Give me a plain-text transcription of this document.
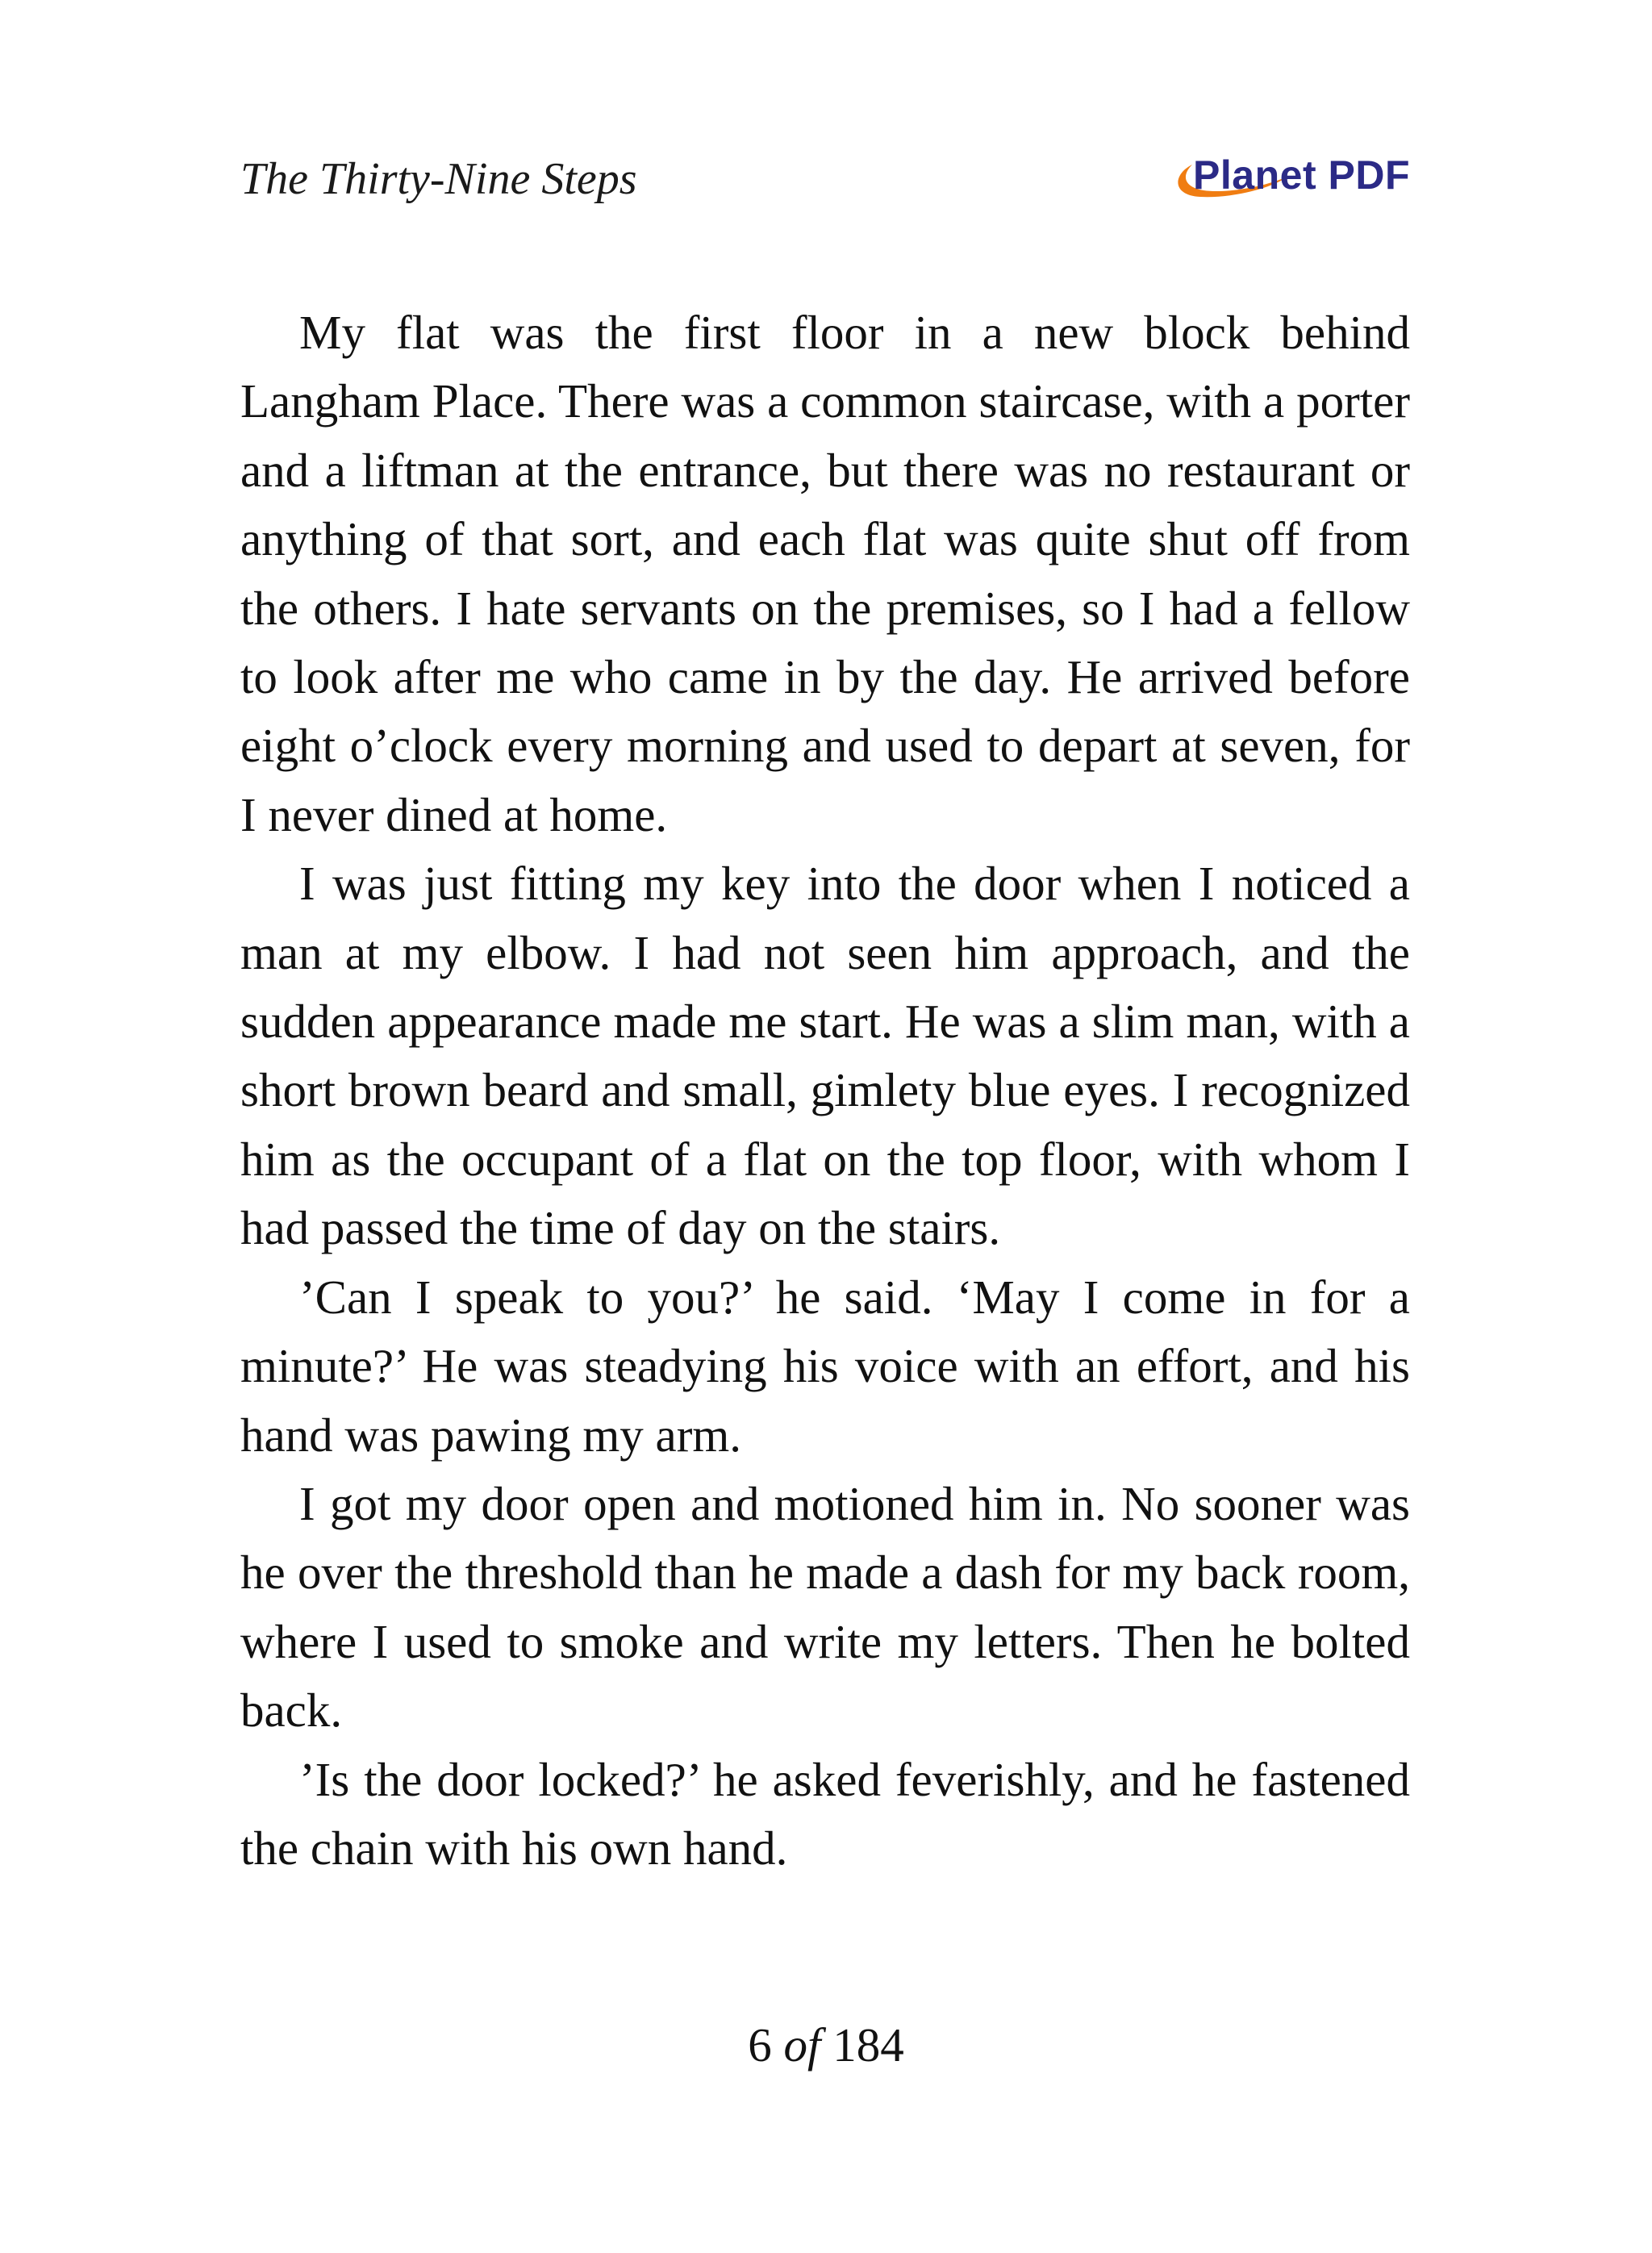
The Thirty-Nine Steps	Planet PDF

My flat was the first floor in a new block behind Langham Place. There was a common staircase, with a porter and a liftman at the entrance, but there was no restaurant or anything of that sort, and each flat was quite shut off from the others. I hate servants on the premises, so I had a fellow to look after me who came in by the day. He arrived before eight o’clock every morning and used to depart at seven, for I never dined at home.

I was just fitting my key into the door when I noticed a man at my elbow. I had not seen him approach, and the sudden appearance made me start. He was a slim man, with a short brown beard and small, gimlety blue eyes. I recognized him as the occupant of a flat on the top floor, with whom I had passed the time of day on the stairs.

’Can I speak to you?’ he said. ‘May I come in for a minute?’ He was steadying his voice with an effort, and his hand was pawing my arm.

I got my door open and motioned him in. No sooner was he over the threshold than he made a dash for my back room, where I used to smoke and write my letters. Then he bolted back.

’Is the door locked?’ he asked feverishly, and he fastened the chain with his own hand.

6 of 184
